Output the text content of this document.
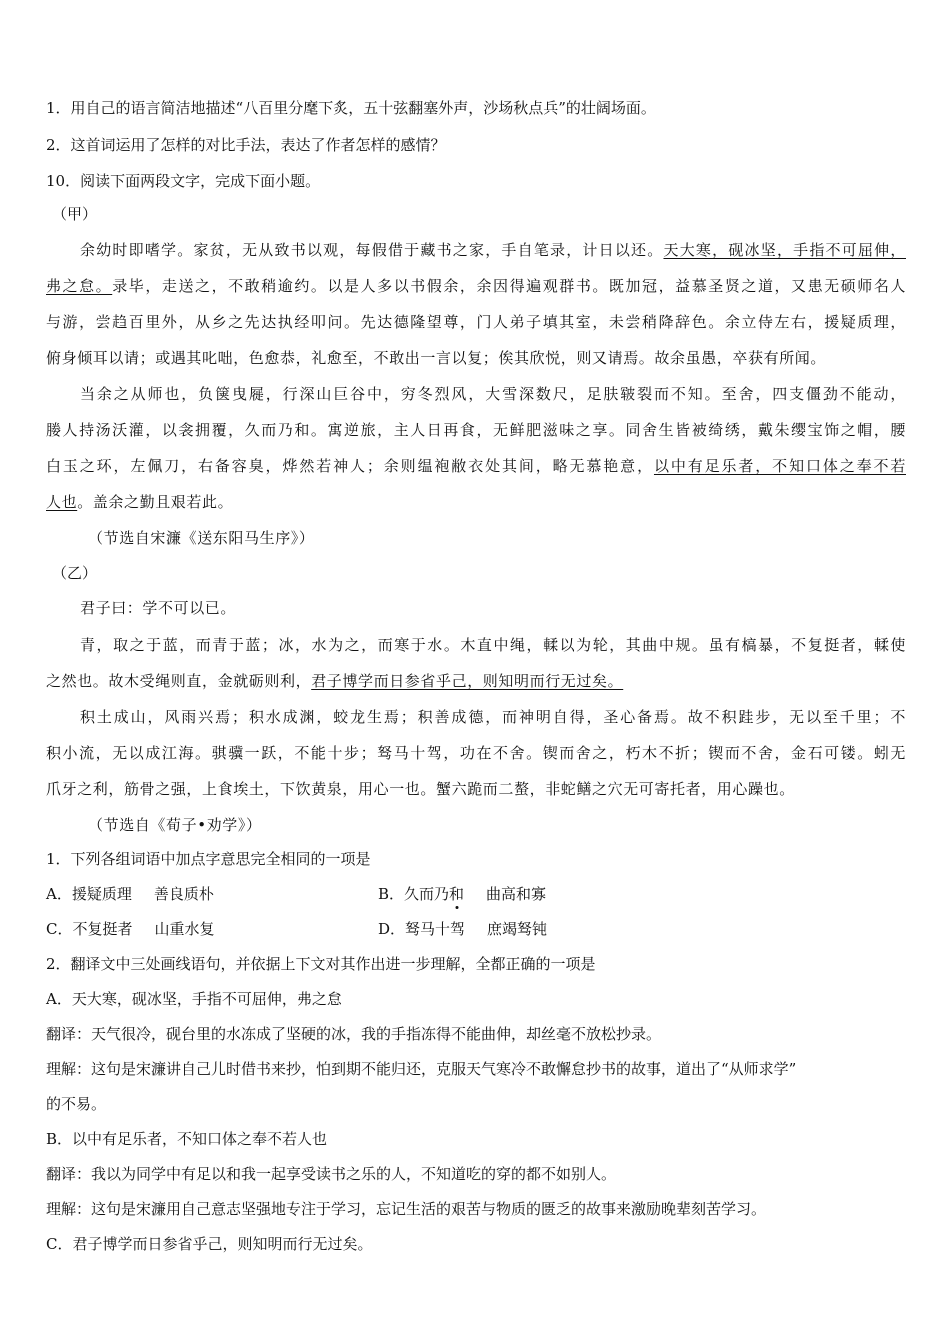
1．用自己的语言简洁地描述“八百里分麾下炙，五十弦翻塞外声，沙场秋点兵”的壮阔场面。
2．这首词运用了怎样的对比手法，表达了作者怎样的感情？
10．阅读下面两段文字，完成下面小题。
（甲）
余幼时即嗜学。家贫，无从致书以观，每假借于藏书之家，手自笔录，计日以还。天大寒，砚冰坚，手指不可屈伸，
弗之怠。录毕，走送之，不敢稍逾约。以是人多以书假余，余因得遍观群书。既加冠，益慕圣贤之道，又患无硕师名人
与游，尝趋百里外，从乡之先达执经叩问。先达德隆望尊，门人弟子填其室，未尝稍降辞色。余立侍左右，援疑质理，
俯身倾耳以请；或遇其叱咄，色愈恭，礼愈至，不敢出一言以复；俟其欣悦，则又请焉。故余虽愚，卒获有所闻。
当余之从师也，负箧曳屣，行深山巨谷中，穷冬烈风，大雪深数尺，足肤皲裂而不知。至舍，四支僵劲不能动，
媵人持汤沃灌，以衾拥覆，久而乃和。寓逆旅，主人日再食，无鲜肥滋味之享。同舍生皆被绮绣，戴朱缨宝饰之帽，腰
白玉之环，左佩刀，右备容臭，烨然若神人；余则缊袍敝衣处其间，略无慕艳意，以中有足乐者，不知口体之奉不若
人也。盖余之勤且艰若此。
（节选自宋濂《送东阳马生序》）
（乙）
君子曰：学不可以已。
青，取之于蓝，而青于蓝；冰，水为之，而寒于水。木直中绳，輮以为轮，其曲中规。虽有槁暴，不复挺者，輮使
之然也。故木受绳则直，金就砺则利，君子博学而日参省乎己，则知明而行无过矣。
积土成山，风雨兴焉；积水成渊，蛟龙生焉；积善成德，而神明自得，圣心备焉。故不积跬步，无以至千里；不
积小流，无以成江海。骐骥一跃，不能十步；驽马十驾，功在不舍。锲而舍之，朽木不折；锲而不舍，金石可镂。蚓无
爪牙之利，筋骨之强，上食埃土，下饮黄泉，用心一也。蟹六跪而二螯，非蛇鳝之穴无可寄托者，用心躁也。
（节选自《荀子•劝学》）
1．下列各组词语中加点字意思完全相同的一项是
A．援疑质理 善良质朴	B．久而乃和 曲高和寡
C．不复挺者 山重水复	D．驽马十驾 庶竭驽钝
2．翻译文中三处画线语句，并依据上下文对其作出进一步理解，全都正确的一项是
A．天大寒，砚冰坚，手指不可屈伸，弗之怠
翻译：天气很冷，砚台里的水冻成了坚硬的冰，我的手指冻得不能曲伸，却丝毫不放松抄录。
理解：这句是宋濂讲自己儿时借书来抄，怕到期不能归还，克服天气寒冷不敢懈怠抄书的故事，道出了“从师求学”
的不易。
B．以中有足乐者，不知口体之奉不若人也
翻译：我以为同学中有足以和我一起享受读书之乐的人，不知道吃的穿的都不如别人。
理解：这句是宋濂用自己意志坚强地专注于学习，忘记生活的艰苦与物质的匮乏的故事来激励晚辈刻苦学习。
C．君子博学而日参省乎己，则知明而行无过矣。
